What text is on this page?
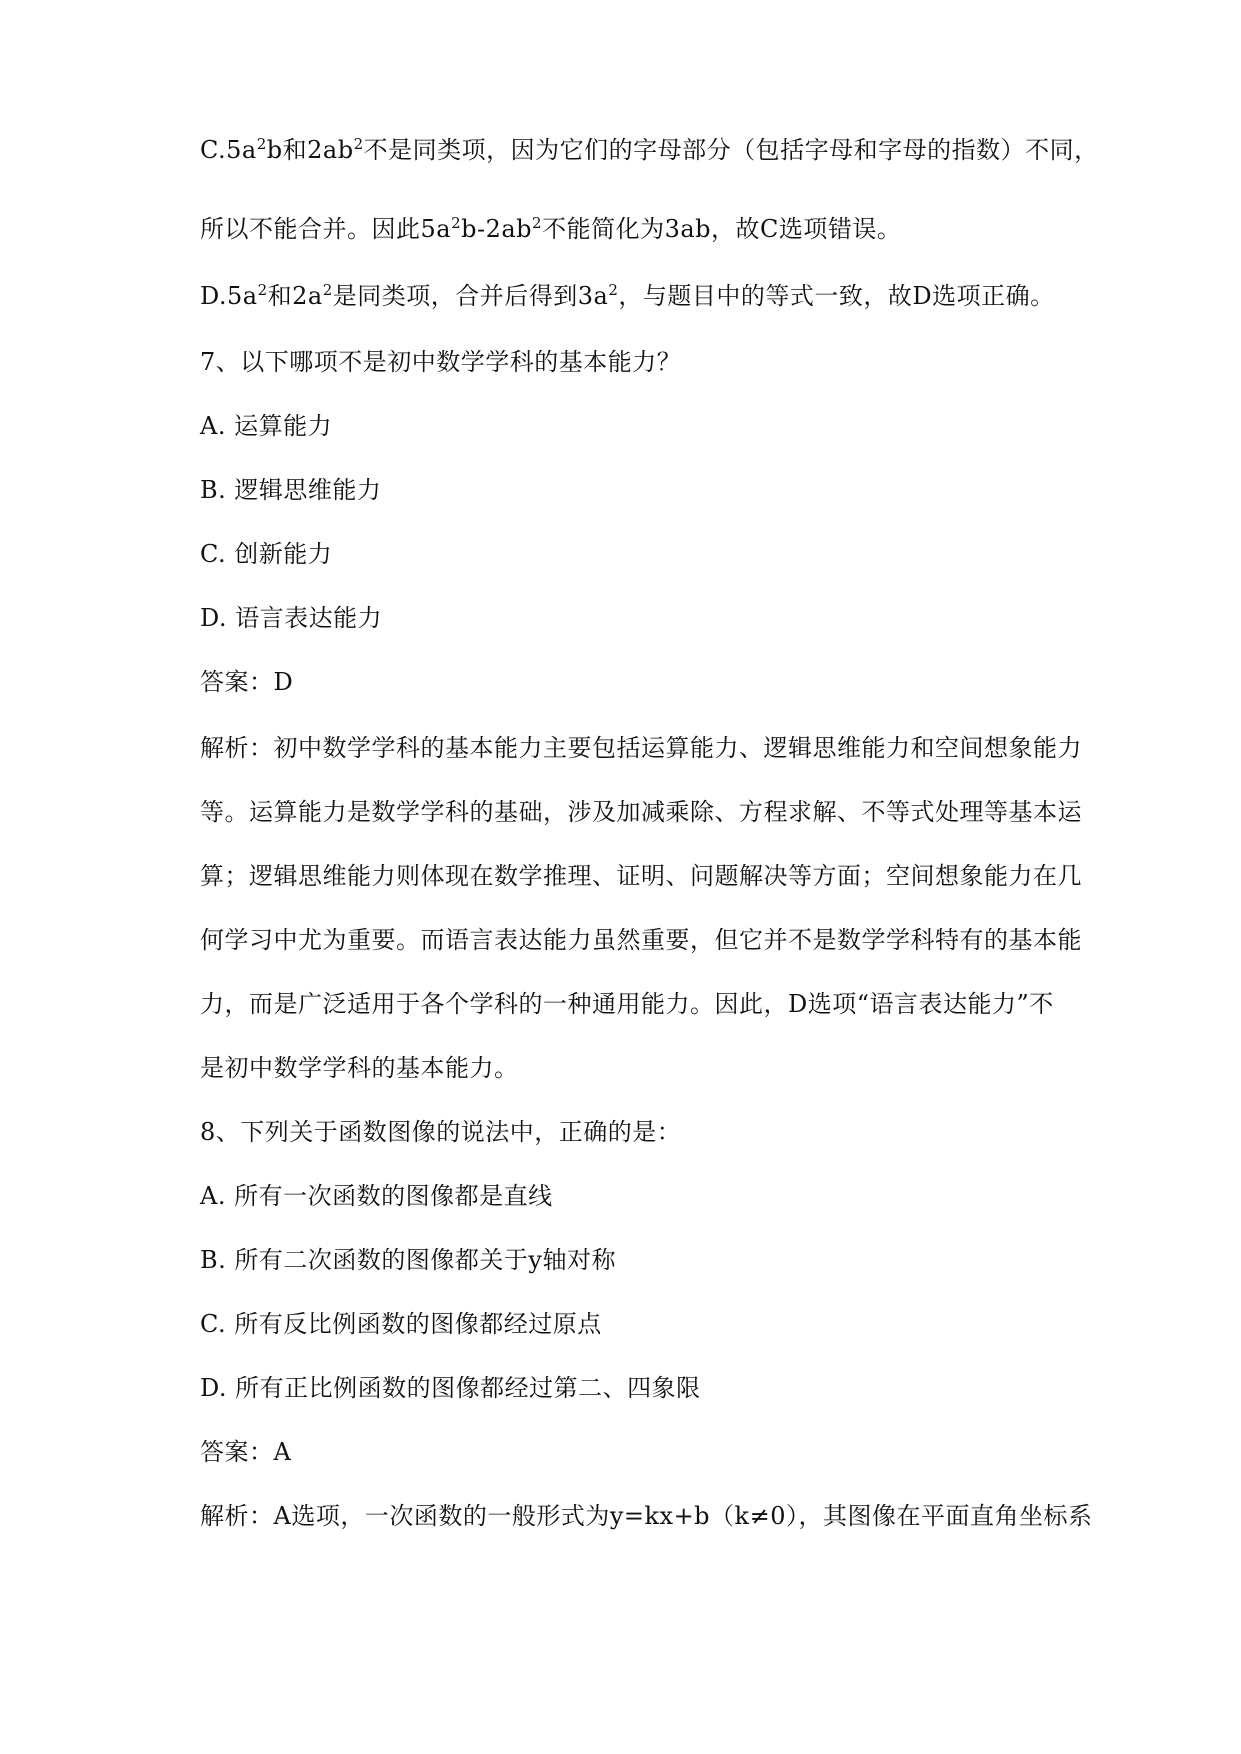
$C.5a^2b$和$2ab^2$不是同类项，因为它们的字母部分（包括字母和字母的指数）不同，
所以不能合并。因此$5a^2b-2ab^2$不能简化为3ab，故C选项错误。
$D.5a^2$和$2a^2$是同类项，合并后得到$3a^2$，与题目中的等式一致，故D选项正确。
7、以下哪项不是初中数学学科的基本能力？
A. 运算能力
B. 逻辑思维能力
C. 创新能力
D. 语言表达能力
答案：D
解析：初中数学学科的基本能力主要包括运算能力、逻辑思维能力和空间想象能力
等。运算能力是数学学科的基础，涉及加减乘除、方程求解、不等式处理等基本运
算；逻辑思维能力则体现在数学推理、证明、问题解决等方面；空间想象能力在几
何学习中尤为重要。而语言表达能力虽然重要，但它并不是数学学科特有的基本能
力，而是广泛适用于各个学科的一种通用能力。因此，D选项“语言表达能力”不
是初中数学学科的基本能力。
8、下列关于函数图像的说法中，正确的是：
A. 所有一次函数的图像都是直线
B. 所有二次函数的图像都关于y轴对称
C. 所有反比例函数的图像都经过原点
D. 所有正比例函数的图像都经过第二、四象限
答案：A
解析：A选项，一次函数的一般形式为y=kx+b（k≠0），其图像在平面直角坐标系
